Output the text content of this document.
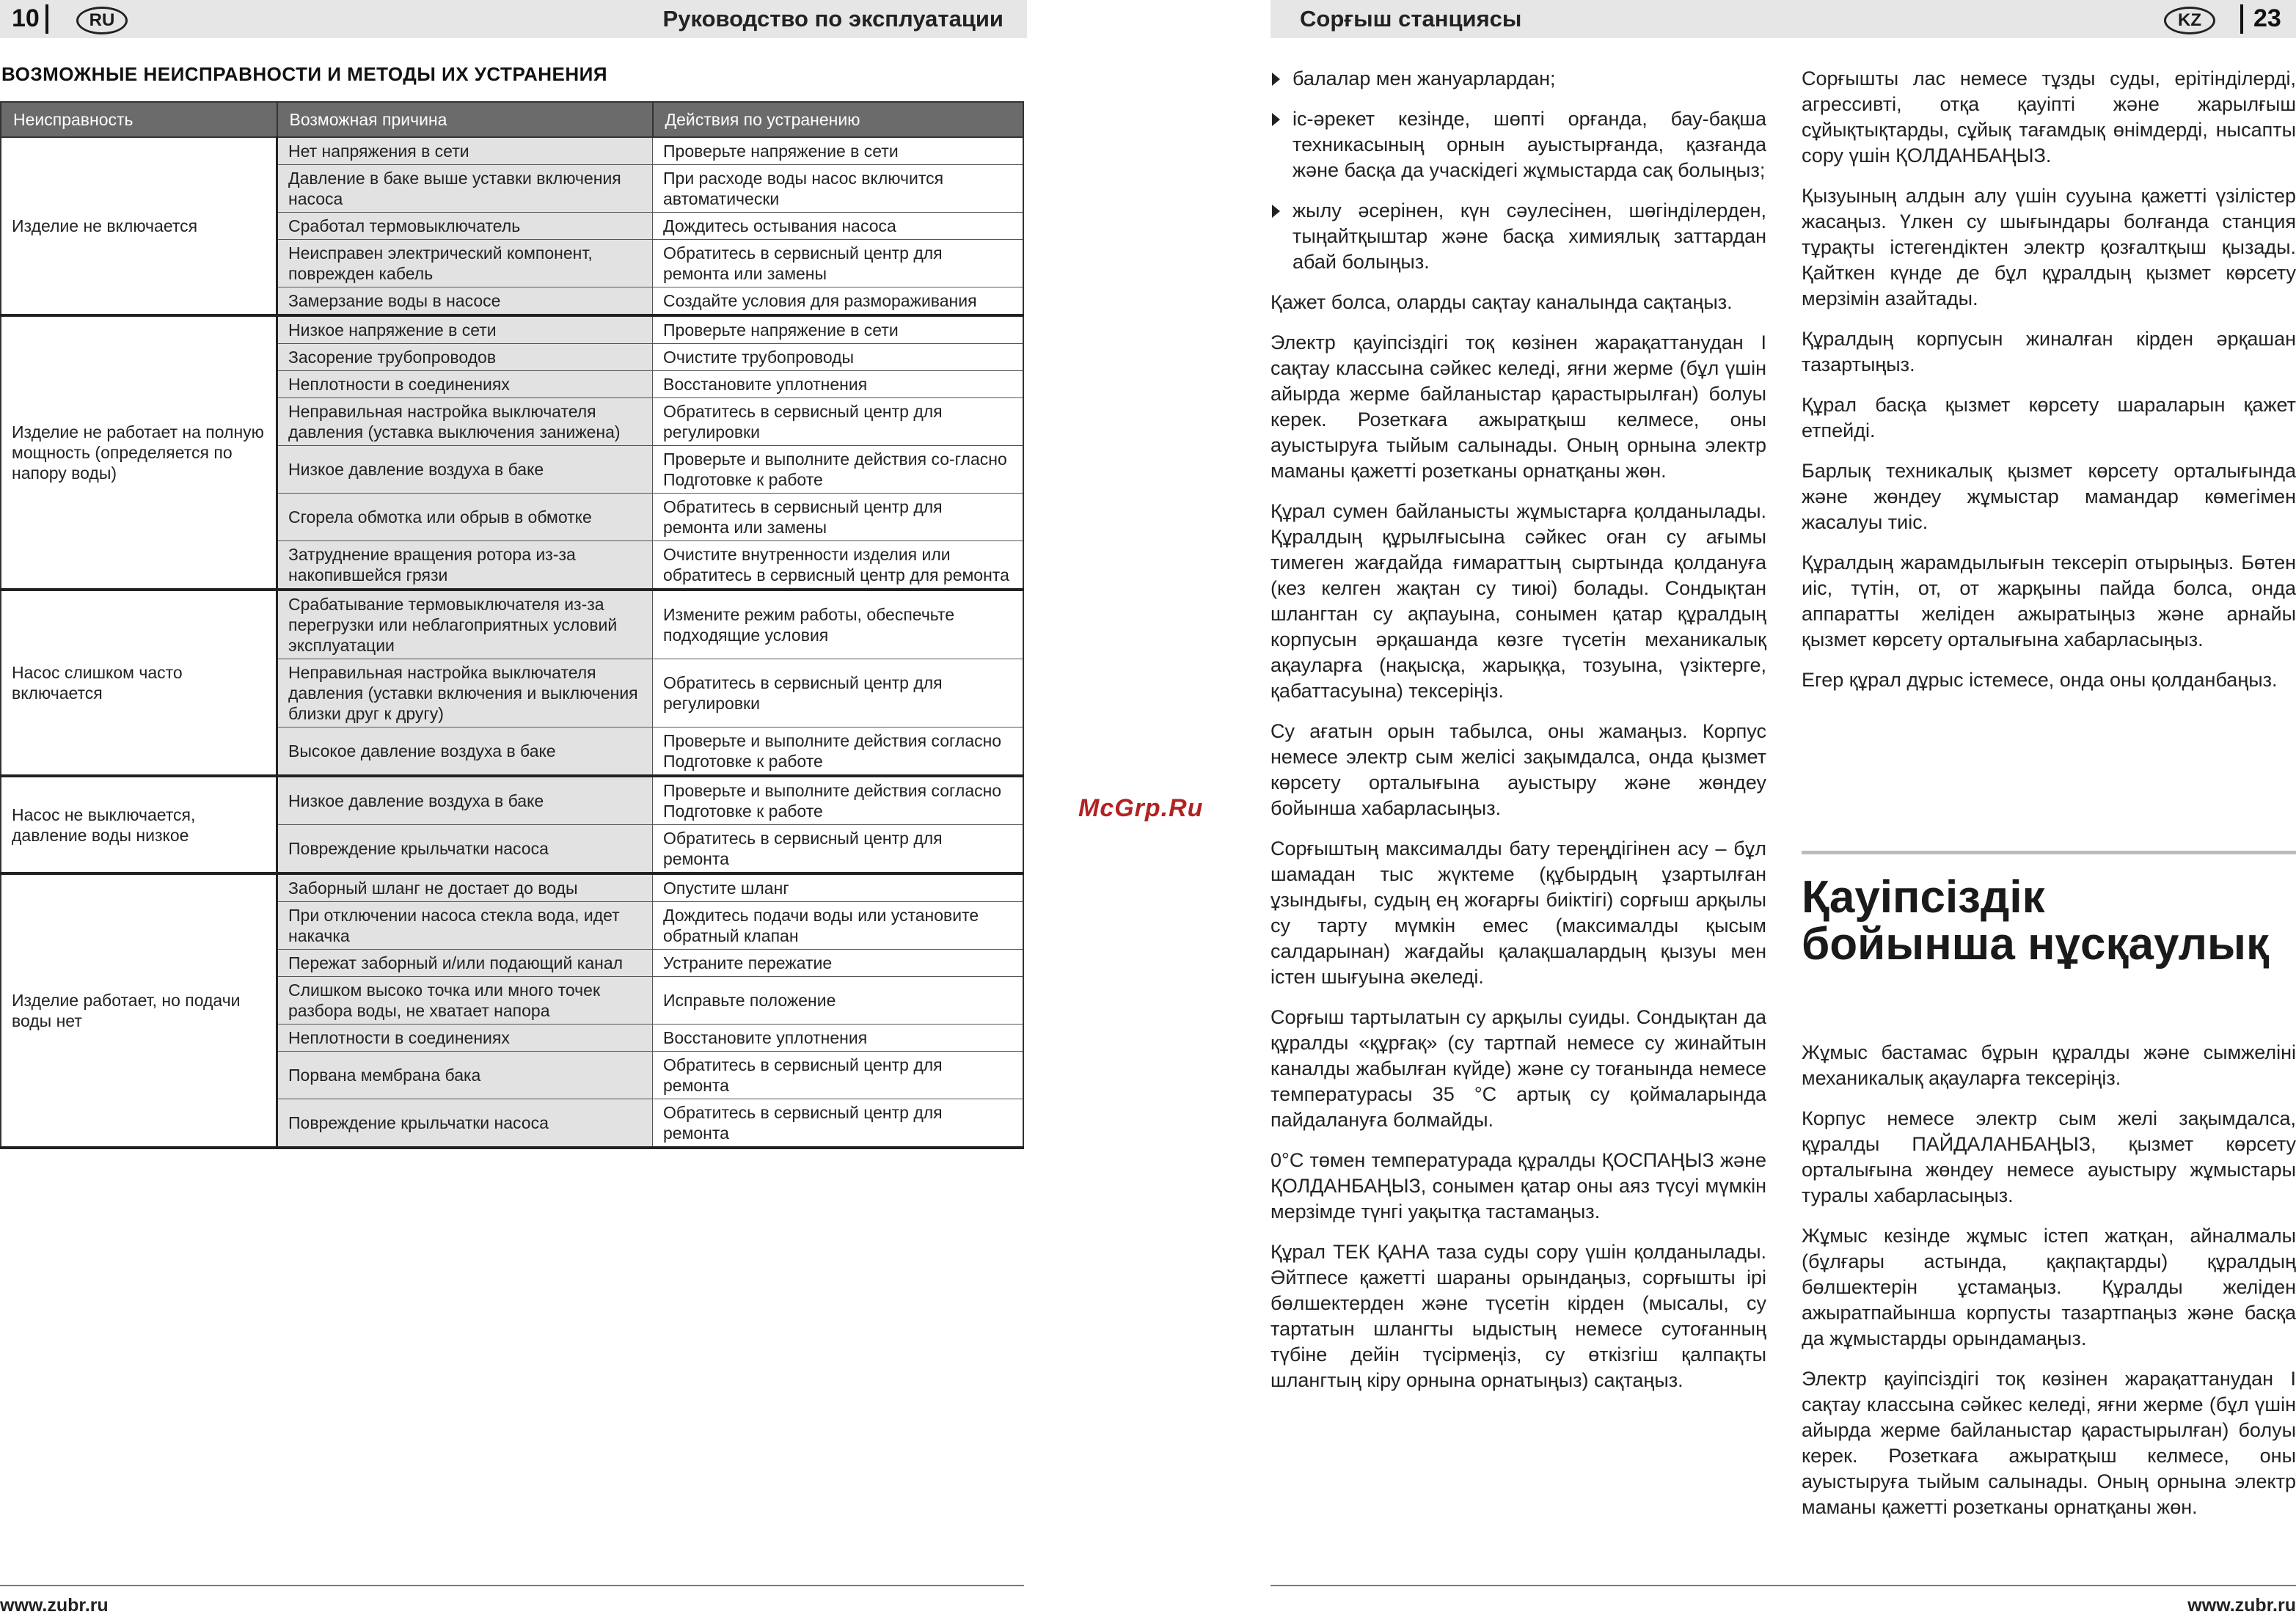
10	RU	Руководство по эксплуатации
ВОЗМОЖНЫЕ НЕИСПРАВНОСТИ И МЕТОДЫ ИХ УСТРАНЕНИЯ
Неисправность	Возможная причина	Действия по устранению
Изделие не включается	Нет напряжения в сети	Проверьте напряжение в сети
	Давление в баке выше уставки включения насоса	При расходе воды насос включится автоматически
	Сработал термовыключатель	Дождитесь остывания насоса
	Неисправен электрический компонент, поврежден кабель	Обратитесь в сервисный центр для ремонта или замены
	Замерзание воды в насосе	Создайте условия для размораживания
Изделие не работает на полную мощность (определяется по напору воды)	Низкое напряжение в сети	Проверьте напряжение в сети
	Засорение трубопроводов	Очистите трубопроводы
	Неплотности в соединениях	Восстановите уплотнения
	Неправильная настройка выключателя давления (уставка выключения занижена)	Обратитесь в сервисный центр для регулировки
	Низкое давление воздуха в баке	Проверьте и выполните действия со-гласно Подготовке к работе
	Сгорела обмотка или обрыв в обмотке	Обратитесь в сервисный центр для ремонта или замены
	Затруднение вращения ротора из-за накопившейся грязи	Очистите внутренности изделия или обратитесь в сервисный центр для ремонта
Насос слишком часто включается	Срабатывание термовыключателя из-за перегрузки или неблагоприятных условий эксплуатации	Измените режим работы, обеспечьте подходящие условия
	Неправильная настройка выключателя давления (уставки включения и выключения близки друг к другу)	Обратитесь в сервисный центр для регулировки
	Высокое давление воздуха в баке	Проверьте и выполните действия согласно Подготовке к работе
Насос не выключается, давление воды низкое	Низкое давление воздуха в баке	Проверьте и выполните действия согласно Подготовке к работе
	Повреждение крыльчатки насоса	Обратитесь в сервисный центр для ремонта
Изделие работает, но подачи воды нет	Заборный шланг не достает до воды	Опустите шланг
	При отключении насоса стекла вода, идет накачка	Дождитесь подачи воды или установите обратный клапан
	Пережат заборный и/или подающий канал	Устраните пережатие
	Слишком высоко точка или много точек разбора воды, не хватает напора	Исправьте положение
	Неплотности в соединениях	Восстановите уплотнения
	Порвана мембрана бака	Обратитесь в сервисный центр для ремонта
	Повреждение крыльчатки насоса	Обратитесь в сервисный центр для ремонта
www.zubr.ru
McGrp.Ru
Сорғыш станциясы	KZ	23
балалар мен жануарлардан;
іс-әрекет кезінде, шөпті орғанда, бау-бақша техникасының орнын ауыстырғанда, қазғанда және басқа да учаскідегі жұмыстарда сақ болыңыз;
жылу әсерінен, күн сәулесінен, шөгінділерден, тыңайтқыштар және басқа химиялық заттардан абай болыңыз.

Қажет болса, оларды сақтау каналында сақтаңыз.

Электр қауіпсіздігі тоқ көзінен жарақаттанудан І сақтау классына сәйкес келеді, яғни жерме (бұл үшін айырда жерме байланыстар қарастырылған) болуы керек. Розеткаға ажыратқыш келмесе, оны ауыстыруға тыйым салынады. Оның орнына электр маманы қажетті розетканы орнатқаны жөн.

Құрал сумен байланысты жұмыстарға қолданылады. Құралдың құрылғысына сәйкес оған су ағымы тимеген жағдайда ғимараттың сыртында қолдануға (кез келген жақтан су тиюі) болады. Сондықтан шлангтан су ақпауына, сонымен қатар құралдың корпусын әрқашанда көзге түсетін механикалық ақауларға (нақысқа, жарыққа, тозуына, үзіктерге, қабаттасуына) тексеріңіз.

Су ағатын орын табылса, оны жамаңыз. Корпус немесе электр сым желісі зақымдалса, онда қызмет көрсету орталығына ауыстыру және жөндеу бойынша хабарласыңыз.

Сорғыштың максималды бату тереңдігінен асу – бұл шамадан тыс жүктеме (құбырдың ұзартылған ұзындығы, судың ең жоғарғы биіктігі) сорғыш арқылы су тарту мүмкін емес (максималды қысым салдарынан) жағдайы қалақшалардың қызуы мен істен шығуына әкеледі.

Сорғыш тартылатын су арқылы суиды. Сондықтан да құралды «құрғақ» (су тартпай немесе су жинайтын каналды жабылған күйде) және су тоғанында немесе температурасы 35 °С артық су қоймаларында пайдалануға болмайды.

0°С төмен температурада құралды ҚОСПАҢЫЗ және ҚОЛДАНБАҢЫЗ, сонымен қатар оны аяз түсуі мүмкін мерзімде түнгі уақытқа тастамаңыз.

Құрал ТЕК ҚАНА таза суды сору үшін қолданылады. Әйтпесе қажетті шараны орындаңыз, сорғышты ірі бөлшектерден және түсетін кірден (мысалы, су тартатын шлангты ыдыстың немесе сутоғанның түбіне дейін түсірмеңіз, су өткізгіш қалпақты шлангтың кіру орнына орнатыңыз) сақтаңыз.

Сорғышты лас немесе тұзды суды, ерітінділерді, агрессивті, отқа қауіпті және жарылғыш сұйықтықтарды, сұйық тағамдық өнімдерді, нысапты сору үшін ҚОЛДАНБАҢЫЗ.

Қызуының алдын алу үшін сууына қажетті үзілістер жасаңыз. Үлкен су шығындары болғанда станция тұрақты істегендіктен электр қозғалтқыш қызады. Қайткен күнде де бұл құралдың қызмет көрсету мерзімін азайтады.

Құралдың корпусын жиналған кірден әрқашан тазартыңыз.

Құрал басқа қызмет көрсету шараларын қажет етпейді.

Барлық техникалық қызмет көрсету орталығында және жөндеу жұмыстар мамандар көмегімен жасалуы тиіс.

Құралдың жарамдылығын тексеріп отырыңыз. Бөтен иіс, түтін, от, от жарқыны пайда болса, онда аппаратты желіден ажыратыңыз және арнайы қызмет көрсету орталығына хабарласыңыз.

Егер құрал дұрыс істемесе, онда оны қолданбаңыз.

Жұмыс бастамас бұрын құралды және сымжеліні механикалық ақауларға тексеріңіз.

Корпус немесе электр сым желі зақымдалса, құралды ПАЙДАЛАНБАҢЫЗ, қызмет көрсету орталығына жөндеу немесе ауыстыру жұмыстары туралы хабарласыңыз.

Жұмыс кезінде жұмыс істеп жатқан, айналмалы (бұлғары астында, қақпақтарды) құралдың бөлшектерін ұстамаңыз. Құралды желіден ажыратпайынша корпусты тазартпаңыз және басқа да жұмыстарды орындамаңыз.

Электр қауіпсіздігі тоқ көзінен жарақаттанудан І сақтау классына сәйкес келеді, яғни жерме (бұл үшін айырда жерме байланыстар қарастырылған) болуы керек. Розеткаға ажыратқыш келмесе, оны ауыстыруға тыйым салынады. Оның орнына электр маманы қажетті розетканы орнатқаны жөн.

www.zubr.ru
Қауіпсіздік
бойынша нұсқаулық
